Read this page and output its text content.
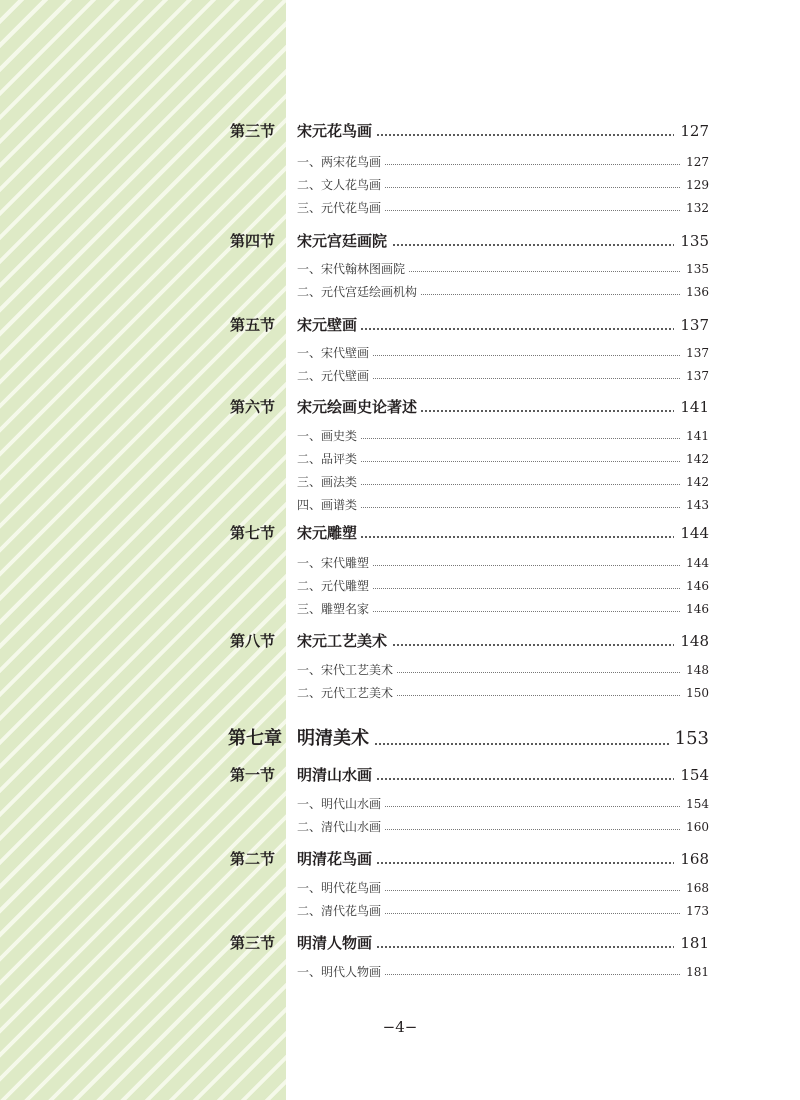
第三节 宋元花鸟画	127
一、两宋花鸟画	127
二、文人花鸟画	129
三、元代花鸟画	132
第四节 宋元宫廷画院	135
一、宋代翰林图画院	135
二、元代宫廷绘画机构	136
第五节 宋元壁画	137
一、宋代壁画	137
二、元代壁画	137
第六节 宋元绘画史论著述	141
一、画史类	141
二、品评类	142
三、画法类	142
四、画谱类	143
第七节 宋元雕塑	144
一、宋代雕塑	144
二、元代雕塑	146
三、雕塑名家	146
第八节 宋元工艺美术	148
一、宋代工艺美术	148
二、元代工艺美术	150
第七章 明清美术	153
第一节 明清山水画	154
一、明代山水画	154
二、清代山水画	160
第二节 明清花鸟画	168
一、明代花鸟画	168
二、清代花鸟画	173
第三节 明清人物画	181
一、明代人物画	181
−4−
